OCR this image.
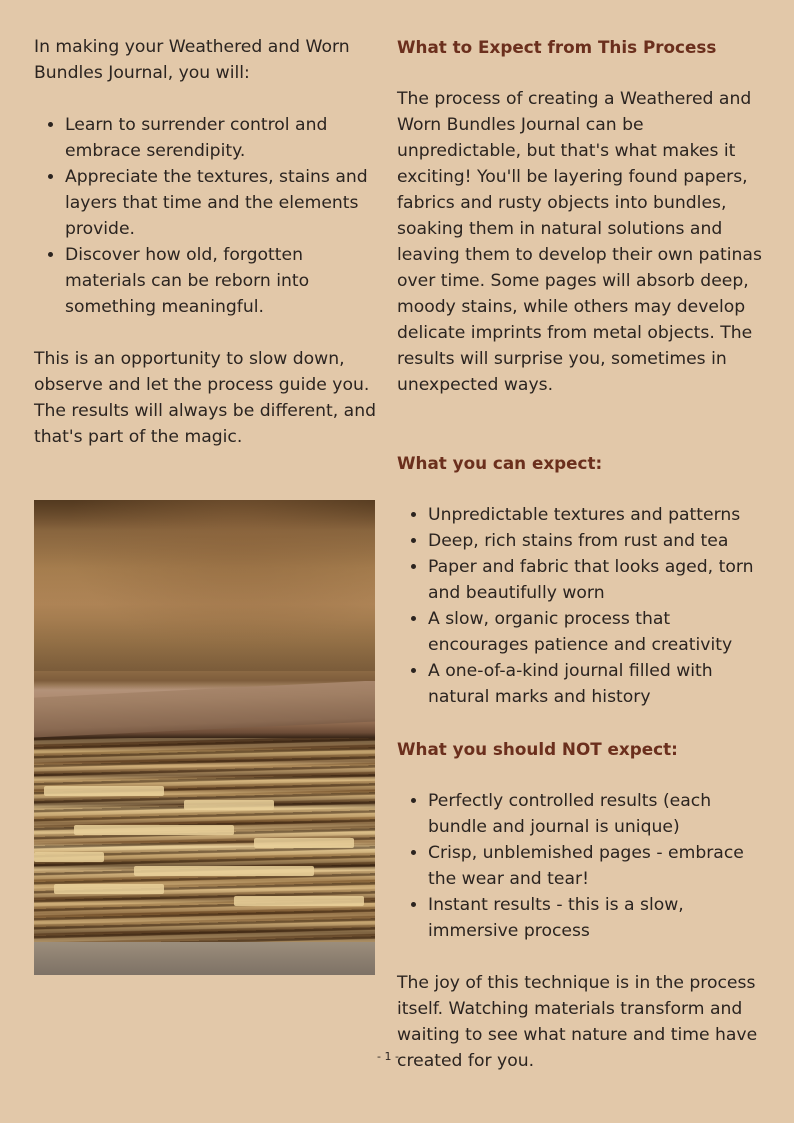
In making your Weathered and Worn Bundles Journal, you will:

• Learn to surrender control and embrace serendipity.
• Appreciate the textures, stains and layers that time and the elements provide.
• Discover how old, forgotten materials can be reborn into something meaningful.

This is an opportunity to slow down, observe and let the process guide you. The results will always be different, and that's part of the magic.

What to Expect from This Process

The process of creating a Weathered and Worn Bundles Journal can be unpredictable, but that's what makes it exciting! You'll be layering found papers, fabrics and rusty objects into bundles, soaking them in natural solutions and leaving them to develop their own patinas over time. Some pages will absorb deep, moody stains, while others may develop delicate imprints from metal objects. The results will surprise you, sometimes in unexpected ways.

What you can expect:

• Unpredictable textures and patterns
• Deep, rich stains from rust and tea
• Paper and fabric that looks aged, torn and beautifully worn
• A slow, organic process that encourages patience and creativity
• A one-of-a-kind journal filled with natural marks and history

What you should NOT expect:

• Perfectly controlled results (each bundle and journal is unique)
• Crisp, unblemished pages - embrace the wear and tear!
• Instant results - this is a slow, immersive process

The joy of this technique is in the process itself. Watching materials transform and waiting to see what nature and time have created for you.

- 1 -
